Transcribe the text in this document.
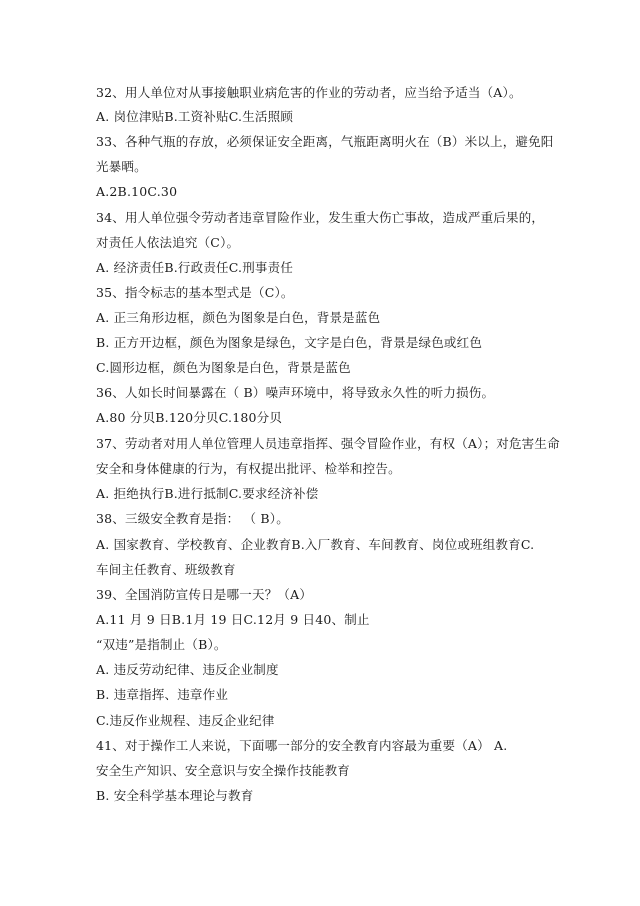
32、用人单位对从事接触职业病危害的作业的劳动者，应当给予适当（A）。
A. 岗位津贴B.工资补贴C.生活照顾
33、各种气瓶的存放，必须保证安全距离，气瓶距离明火在（B）米以上，避免阳
光暴晒。
A.2B.10C.30
34、用人单位强令劳动者违章冒险作业，发生重大伤亡事故，造成严重后果的，
对责任人依法追究（C）。
A. 经济责任B.行政责任C.刑事责任
35、指令标志的基本型式是（C）。
A. 正三角形边框，颜色为图象是白色，背景是蓝色
B. 正方开边框，颜色为图象是绿色，文字是白色，背景是绿色或红色
C.圆形边框，颜色为图象是白色，背景是蓝色
36、人如长时间暴露在（ B）噪声环境中，将导致永久性的听力损伤。
A.80 分贝B.120分贝C.180分贝
37、劳动者对用人单位管理人员违章指挥、强令冒险作业，有权（A）；对危害生命
安全和身体健康的行为，有权提出批评、检举和控告。
A. 拒绝执行B.进行抵制C.要求经济补偿
38、三级安全教育是指： （ B）。
A. 国家教育、学校教育、企业教育B.入厂教育、车间教育、岗位或班组教育C.
车间主任教育、班级教育
39、全国消防宣传日是哪一天？（A）
A.11 月 9 日B.1月 19 日C.12月 9 日40、制止
“双违”是指制止（B）。
A. 违反劳动纪律、违反企业制度
B. 违章指挥、违章作业
C.违反作业规程、违反企业纪律
41、对于操作工人来说，下面哪一部分的安全教育内容最为重要（A） A.
安全生产知识、安全意识与安全操作技能教育
B. 安全科学基本理论与教育
